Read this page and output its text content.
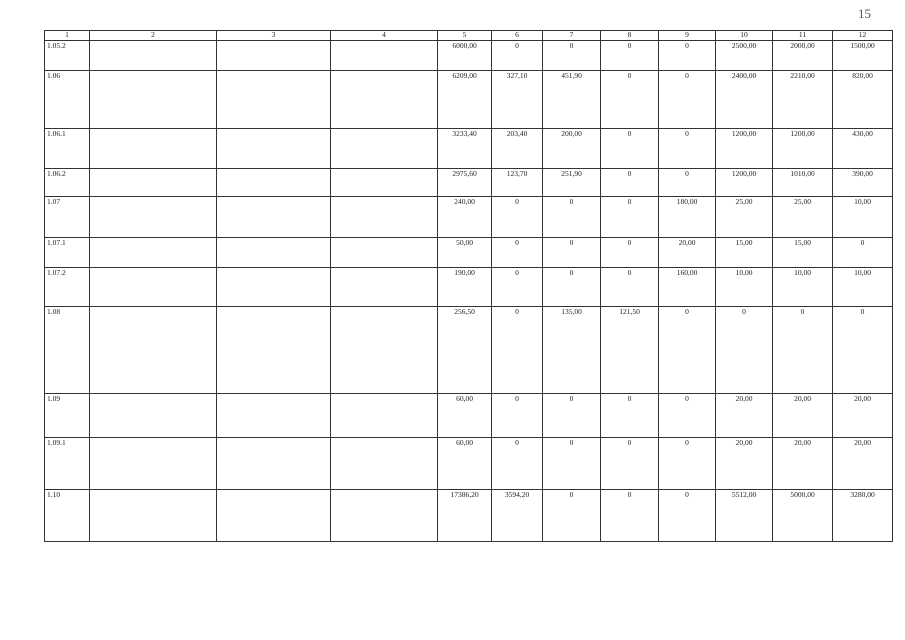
15
1	2	3	4	5	6	7	8	9	10	11	12
1.05.2				6000,00	0	0	0	0	2500,00	2000,00	1500,00
1.06				6209,00	327,10	451,90	0	0	2400,00	2210,00	820,00
1.06.1				3233,40	203,40	200,00	0	0	1200,00	1200,00	430,00
1.06.2				2975,60	123,70	251,90	0	0	1200,00	1010,00	390,00
1.07				240,00	0	0	0	180,00	25,00	25,00	10,00
1.07.1				50,00	0	0	0	20,00	15,00	15,00	0
1.07.2				190,00	0	0	0	160,00	10,00	10,00	10,00
1.08				256,50	0	135,00	121,50	0	0	0	0
1.09				60,00	0	0	0	0	20,00	20,00	20,00
1.09.1				60,00	0	0	0	0	20,00	20,00	20,00
1.10				17386,20	3594,20	0	0	0	5512,00	5000,00	3280,00
